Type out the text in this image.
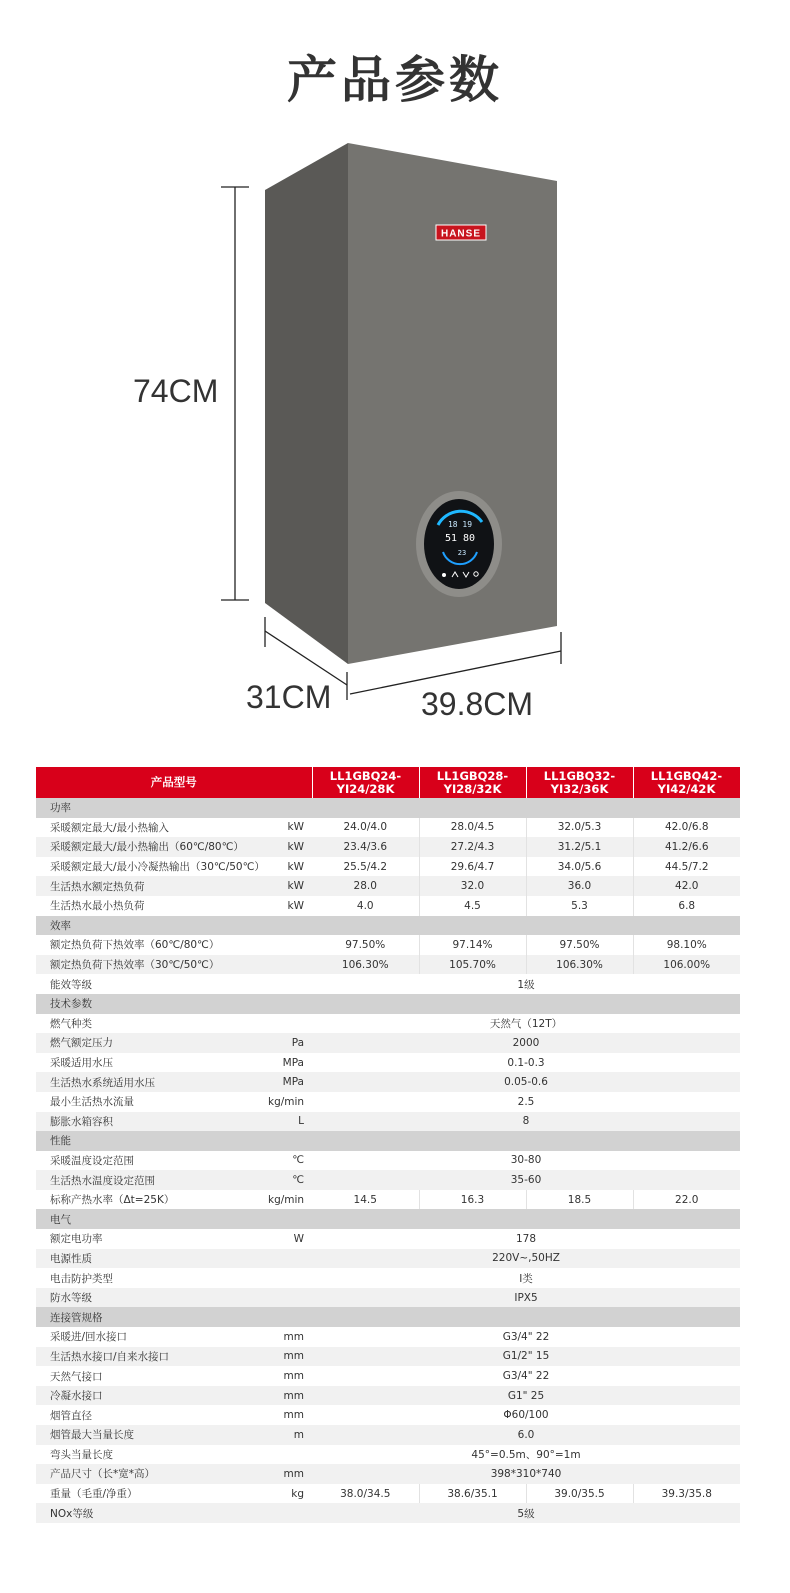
产品参数
HANSE
18 19
51 80
23
74CM
31CM	39.8CM
产品型号		LL1GBQ24-YI24/28K	LL1GBQ28-YI28/32K	LL1GBQ32-YI32/36K	LL1GBQ42-YI42/42K
功率					
采暖额定最大/最小热输入	kW	24.0/4.0	28.0/4.5	32.0/5.3	42.0/6.8
采暖额定最大/最小热输出（60℃/80℃）	kW	23.4/3.6	27.2/4.3	31.2/5.1	41.2/6.6
采暖额定最大/最小冷凝热输出（30℃/50℃）	kW	25.5/4.2	29.6/4.7	34.0/5.6	44.5/7.2
生活热水额定热负荷	kW	28.0	32.0	36.0	42.0
生活热水最小热负荷	kW	4.0	4.5	5.3	6.8
效率					
额定热负荷下热效率（60℃/80℃）		97.50%	97.14%	97.50%	98.10%
额定热负荷下热效率（30℃/50℃）		106.30%	105.70%	106.30%	106.00%
能效等级		1级			
技术参数					
燃气种类		天然气（12T）			
燃气额定压力	Pa	2000			
采暖适用水压	MPa	0.1-0.3			
生活热水系统适用水压	MPa	0.05-0.6			
最小生活热水流量	kg/min	2.5			
膨胀水箱容积	L	8			
性能					
采暖温度设定范围	℃	30-80			
生活热水温度设定范围	℃	35-60			
标称产热水率（Δt=25K）	kg/min	14.5	16.3	18.5	22.0
电气					
额定电功率	W	178			
电源性质		220V~,50HZ			
电击防护类型		I类			
防水等级		IPX5			
连接管规格					
采暖进/回水接口	mm	G3/4" 22			
生活热水接口/自来水接口	mm	G1/2" 15			
天然气接口	mm	G3/4" 22			
冷凝水接口	mm	G1" 25			
烟管直径	mm	Φ60/100			
烟管最大当量长度	m	6.0			
弯头当量长度		45°=0.5m、90°=1m			
产品尺寸（长*宽*高）	mm	398*310*740			
重量（毛重/净重）	kg	38.0/34.5	38.6/35.1	39.0/35.5	39.3/35.8
NOx等级		5级			
